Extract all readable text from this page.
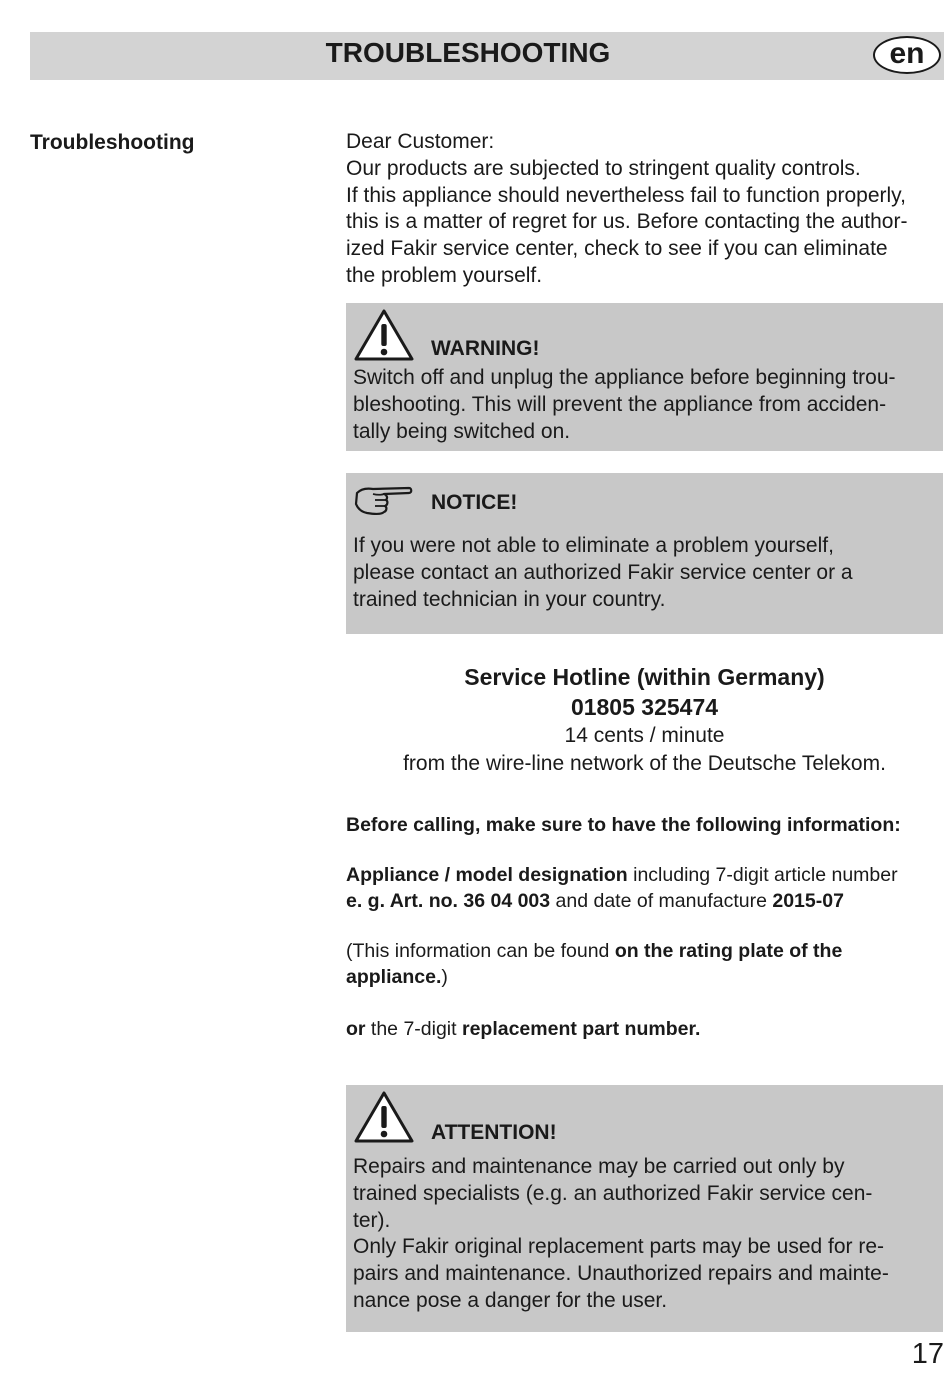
TROUBLESHOOTING	en
Troubleshooting	Dear Customer:

Our products are subjected to stringent quality controls.

If this appliance should nevertheless fail to function properly,

this is a matter of regret for us. Before contacting the author-

ized Fakir service center, check to see if you can eliminate

the problem yourself.

WARNING!
Switch off and unplug the appliance before beginning trou-
bleshooting. This will prevent the appliance from acciden-
tally being switched on.
NOTICE!
If you were not able to eliminate a problem yourself,
please contact an authorized Fakir service center or a
trained technician in your country.
Service Hotline (within Germany)
01805 325474
14 cents / minute
from the wire-line network of the Deutsche Telekom.
Before calling, make sure to have the following information:
Appliance / model designation including 7-digit article number
e. g. Art. no. 36 04 003 and date of manufacture 2015-07
(This information can be found on the rating plate of the
appliance.)
or the 7-digit replacement part number.
ATTENTION!
Repairs and maintenance may be carried out only by
trained specialists (e.g. an authorized Fakir service cen-
ter).
Only Fakir original replacement parts may be used for re-
pairs and maintenance. Unauthorized repairs and mainte-
nance pose a danger for the user.
17
